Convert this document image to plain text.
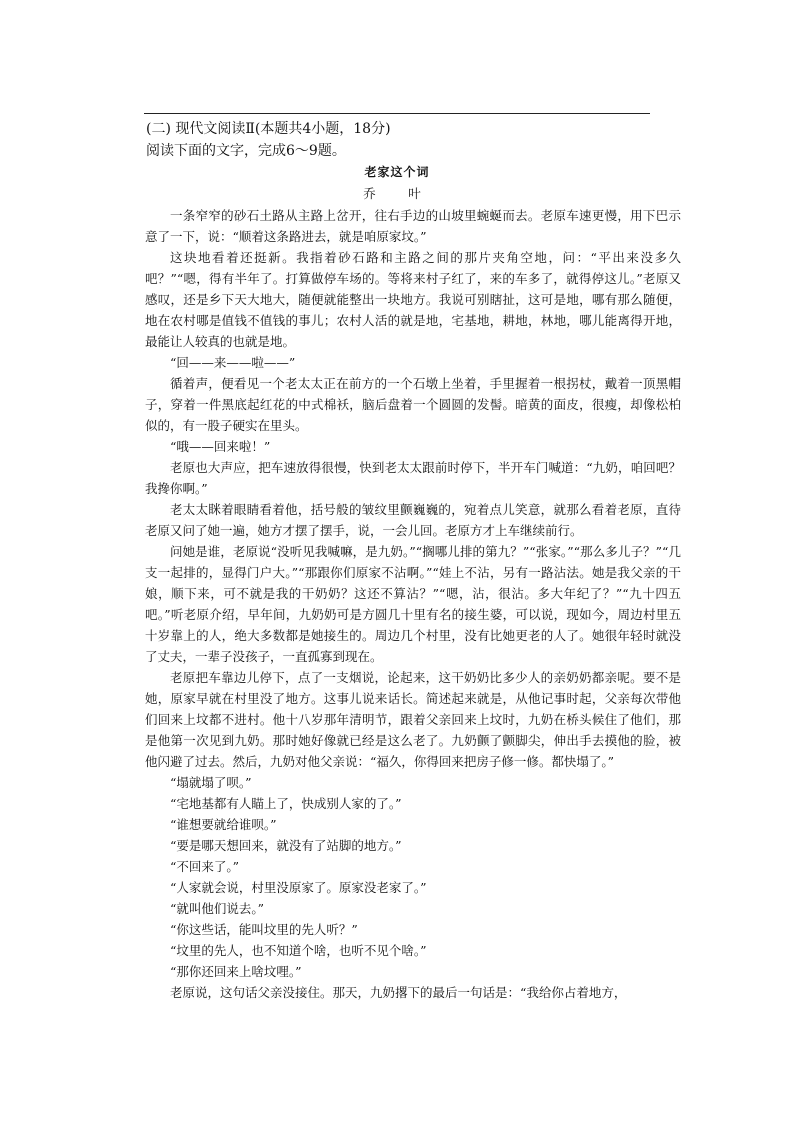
(二) 现代文阅读Ⅱ(本题共4小题，18分)
阅读下面的文字，完成6～9题。
老家这个词
乔　叶

一条窄窄的砂石土路从主路上岔开，往右手边的山坡里蜿蜒而去。老原车速更慢，用下巴示意了一下，说：“顺着这条路进去，就是咱原家坟。”

这块地看着还挺新。我指着砂石路和主路之间的那片夹角空地，问：“平出来没多久吧？”“嗯，得有半年了。打算做停车场的。等将来村子红了，来的车多了，就得停这儿。”老原又感叹，还是乡下天大地大，随便就能整出一块地方。我说可别瞎扯，这可是地，哪有那么随便，地在农村哪是值钱不值钱的事儿；农村人活的就是地，宅基地，耕地，林地，哪儿能离得开地，最能让人较真的也就是地。

“回——来——啦——”

循着声，便看见一个老太太正在前方的一个石墩上坐着，手里握着一根拐杖，戴着一顶黑帽子，穿着一件黑底起红花的中式棉袄，脑后盘着一个圆圆的发髻。暗黄的面皮，很瘦，却像松柏似的，有一股子硬实在里头。

“哦——回来啦！”

老原也大声应，把车速放得很慢，快到老太太跟前时停下，半开车门喊道：“九奶，咱回吧？我搀你啊。”

老太太眯着眼睛看着他，括号般的皱纹里颤巍巍的，宛着点儿笑意，就那么看着老原，直待老原又问了她一遍，她方才摆了摆手，说，一会儿回。老原方才上车继续前行。

问她是谁，老原说“没听见我喊嘛，是九奶。”“搁哪儿排的第九？”“张家。”“那么多儿子？”“几支一起排的，显得门户大。”“那跟你们原家不沾啊。”“娃上不沾，另有一路沾法。她是我父亲的干娘，顺下来，可不就是我的干奶奶？这还不算沾？”“嗯，沾，很沾。多大年纪了？”“九十四五吧。”听老原介绍，早年间，九奶奶可是方圆几十里有名的接生婆，可以说，现如今，周边村里五十岁靠上的人，绝大多数都是她接生的。周边几个村里，没有比她更老的人了。她很年轻时就没了丈夫，一辈子没孩子，一直孤寡到现在。

老原把车靠边儿停下，点了一支烟说，论起来，这干奶奶比多少人的亲奶奶都亲呢。要不是她，原家早就在村里没了地方。这事儿说来话长。简述起来就是，从他记事时起，父亲每次带他们回来上坟都不进村。他十八岁那年清明节，跟着父亲回来上坟时，九奶在桥头候住了他们，那是他第一次见到九奶。那时她好像就已经是这么老了。九奶颤了颤脚尖，伸出手去摸他的脸，被他闪避了过去。然后，九奶对他父亲说：“福久，你得回来把房子修一修。都快塌了。”

“塌就塌了呗。”

“宅地基都有人瞄上了，快成别人家的了。”

“谁想要就给谁呗。”

“要是哪天想回来，就没有了站脚的地方。”

“不回来了。”

“人家就会说，村里没原家了。原家没老家了。”

“就叫他们说去。”

“你这些话，能叫坟里的先人听？”

“坟里的先人，也不知道个啥，也听不见个啥。”

“那你还回来上啥坟哩。”

老原说，这句话父亲没接住。那天，九奶撂下的最后一句话是：“我给你占着地方，
